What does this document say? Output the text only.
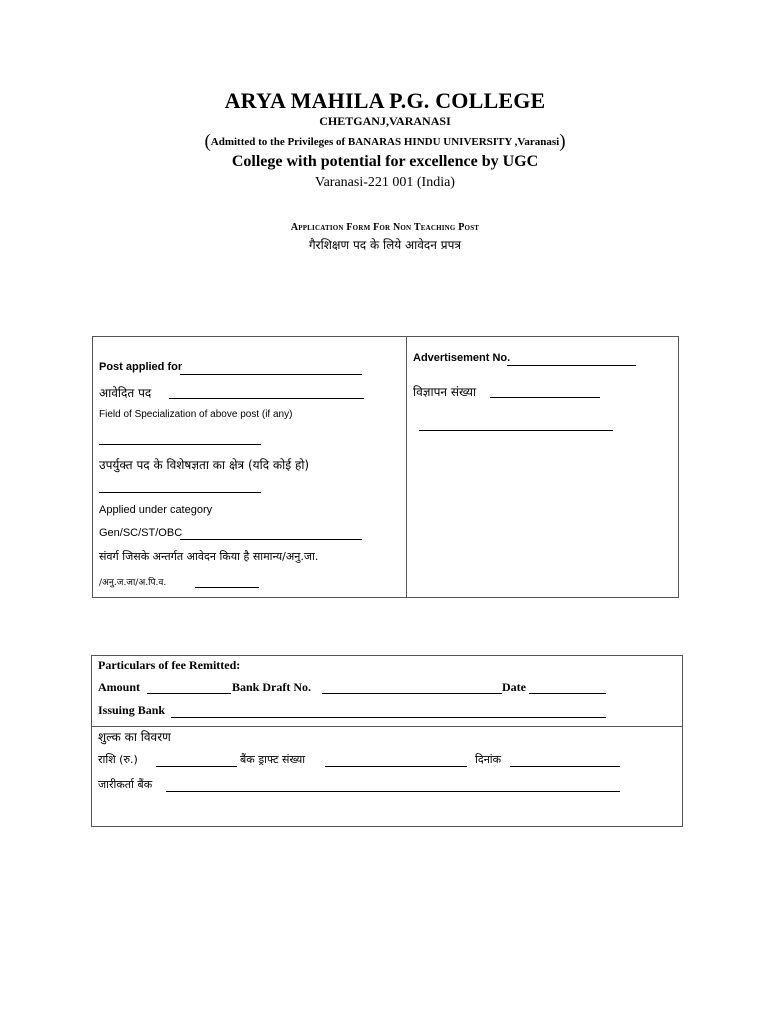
ARYA MAHILA P.G. COLLEGE
CHETGANJ,VARANASI
(Admitted to the Privileges of BANARAS HINDU UNIVERSITY ,Varanasi)
College with potential for excellence by UGC
Varanasi-221 001 (India)
Application Form For Non Teaching Post
गैरशिक्षण पद के लिये आवेदन प्रपत्र
Post applied for
आवेदित पद
Field of Specialization of above post (if any)
उपर्युक्त पद के विशेषज्ञता का क्षेत्र (यदि कोई हो)
Applied under category
Gen/SC/ST/OBC
संवर्ग जिसके अन्तर्गत आवेदन किया है सामान्य/अनु.जा.
/अनु.ज.जा/अ.पि.व.
Advertisement No.
विज्ञापन संख्या
Particulars of fee Remitted:
Amount	Bank Draft No.	Date
Issuing Bank
शुल्क का विवरण
राशि (रु.)	बैंक ड्राफ्ट संख्या	दिनांक
जारीकर्ता बैंक
